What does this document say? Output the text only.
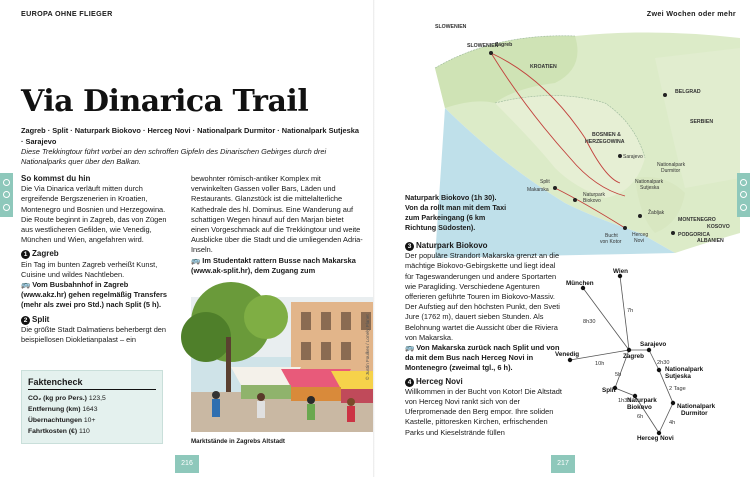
EUROPA OHNE FLIEGER
Via Dinarica Trail
Zagreb · Split · Naturpark Biokovo · Herceg Novi · Nationalpark Durmitor · Nationalpark Sutjeska · Sarajevo
Diese Trekkingtour führt vorbei an den schroffen Gipfeln des Dinarischen Gebirges durch drei Nationalparks quer über den Balkan.
So kommst du hin

Die Via Dinarica verläuft mitten durch ergreifende Bergszenerien in Kroatien, Montenegro und Bosnien und Herzegowina. Die Route beginnt in Zagreb, das von Zügen aus westlicheren Gefilden, wie Venedig, München und Wien, angefahren wird.

1 Zagreb

Ein Tag im bunten Zagreb verheißt Kunst, Cuisine und wildes Nachtleben.

🚌 Vom Busbahnhof in Zagreb (www.akz.hr) gehen regelmäßig Transfers (mehr als zwei pro Std.) nach Split (5 h).

2 Split

Die größte Stadt Dalmatiens beherbergt den beispiellosen Diokletianpalast – ein

Faktencheck
CO₂ (kg pro Pers.) 123,5
Entfernung (km) 1643
Übernachtungen 10+
Fahrtkosten (€) 110

bewohnter römisch-antiker Komplex mit verwinkelten Gassen voller Bars, Läden und Restaurants. Glanzstück ist die mittelalterliche Kathedrale des hl. Dominus. Eine Wanderung auf schattigen Wegen hinauf auf den Marjan bietet einen Vorgeschmack auf die Trekkingtour und weite Ausblicke über die Stadt und die umliegenden Adria-Inseln.

🚌 Im Studentakt rattern Busse nach Makarska (www.ak-split.hr), dem Zugang zum

Marktstände in Zagrebs Altstadt
© Justin Foulkes / Lonely Planet
216
Zwei Wochen oder mehr
SLOWENIEN
SLOWENIEN
Zagreb
KROATIEN
BELGRAD
SERBIEN
BOSNIEN &
HERZEGOWINA
Sarajevo
Split
Makarska
Naturpark
Biokovo
Nationalpark
Sutjeska
Nationalpark
Durmitor
Žabljak
MONTENEGRO
KOSOVO
Bucht
von Kotor
Herceg
Novi
PODGORICA
ALBANIEN
Naturpark Biokovo (1h 30). Von da rollt man mit dem Taxi zum Parkeingang (6 km Richtung Südosten).
3 Naturpark Biokovo

Der populäre Strandort Makarska grenzt an die mächtige Biokovo-Gebirgskette und liegt ideal für Tageswanderungen und andere Sportarten wie Paragliding. Verschiedene Agenturen offerieren geführte Touren im Biokovo-Massiv. Der Aufstieg auf den höchsten Punkt, den Sveti Jure (1762 m), dauert sieben Stunden. Als Belohnung wartet die Aussicht über die Riviera von Makarska.

🚌 Von Makarska zurück nach Split und von da mit dem Bus nach Herceg Novi in Montenegro (zweimal tgl., 6 h).

4 Herceg Novi

Willkommen in der Bucht von Kotor! Die Altstadt von Herceg Novi rankt sich von der Uferpromenade den Berg empor. Ihre soliden Kastelle, pittoresken Kirchen, erfrischenden Parks und Kieselstrände füllen

Wien
München
Venedig	Zagreb
Sarajevo
Split
Naturpark
Biokovo
Nationalpark
Sutjeska
Nationalpark
Durmitor
Herceg Novi
7h
8h30
10h
5h
2h30
1h30
2 Tage
4h
6h
217
